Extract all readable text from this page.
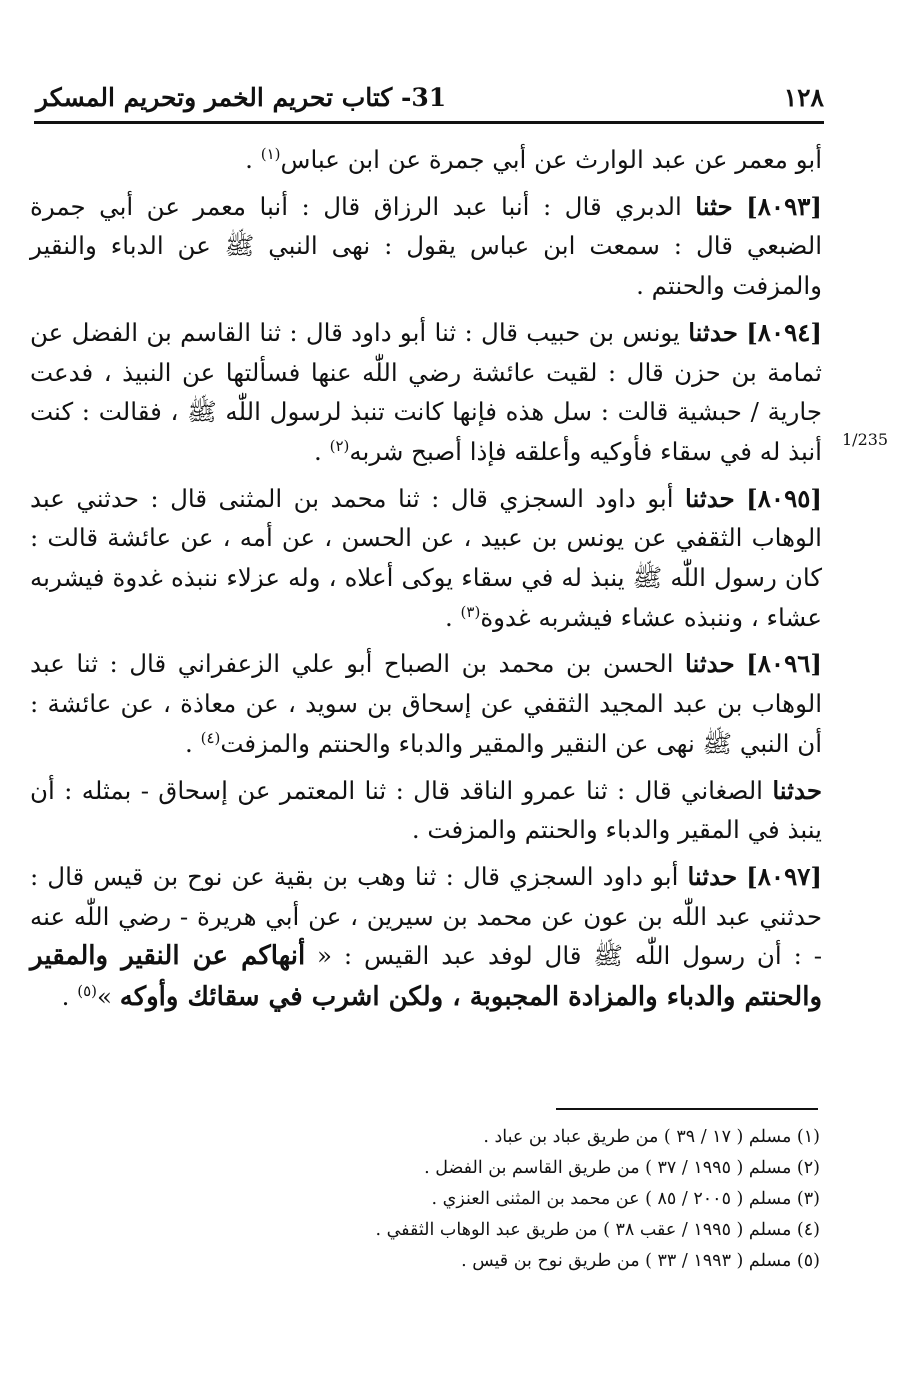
١٢٨
31- كتاب تحريم الخمر وتحريم المسكر
1/235

أبو معمر عن عبد الوارث عن أبي جمرة عن ابن عباس$^{(١)}$ .

[٨٠٩٣] حثنا الدبري قال : أنبا عبد الرزاق قال : أنبا معمر عن أبي جمرة الضبعي قال : سمعت ابن عباس يقول : نهى النبي ﷺ عن الدباء والنقير والمزفت والحنتم .

[٨٠٩٤] حدثنا يونس بن حبيب قال : ثنا أبو داود قال : ثنا القاسم بن الفضل عن ثمامة بن حزن قال : لقيت عائشة رضي اللّٰه عنها فسألتها عن النبيذ ، فدعت جارية / حبشية قالت : سل هذه فإنها كانت تنبذ لرسول اللّٰه ﷺ ، فقالت : كنت أنبذ له في سقاء فأوكيه وأعلقه فإذا أصبح شربه$^{(٢)}$ .

[٨٠٩٥] حدثنا أبو داود السجزي قال : ثنا محمد بن المثنى قال : حدثني عبد الوهاب الثقفي عن يونس بن عبيد ، عن الحسن ، عن أمه ، عن عائشة قالت : كان رسول اللّٰه ﷺ ينبذ له في سقاء يوكى أعلاه ، وله عزلاء ننبذه غدوة فيشربه عشاء ، وننبذه عشاء فيشربه غدوة$^{(٣)}$ .

[٨٠٩٦] حدثنا الحسن بن محمد بن الصباح أبو علي الزعفراني قال : ثنا عبد الوهاب بن عبد المجيد الثقفي عن إسحاق بن سويد ، عن معاذة ، عن عائشة : أن النبي ﷺ نهى عن النقير والمقير والدباء والحنتم والمزفت$^{(٤)}$ .

حدثنا الصغاني قال : ثنا عمرو الناقد قال : ثنا المعتمر عن إسحاق - بمثله : أن ينبذ في المقير والدباء والحنتم والمزفت .

[٨٠٩٧] حدثنا أبو داود السجزي قال : ثنا وهب بن بقية عن نوح بن قيس قال : حدثني عبد اللّٰه بن عون عن محمد بن سيرين ، عن أبي هريرة - رضي اللّٰه عنه - : أن رسول اللّٰه ﷺ قال لوفد عبد القيس : « أنهاكم عن النقير والمقير والحنتم والدباء والمزادة المجبوبة ، ولكن اشرب في سقائك وأوكه »$^{(٥)}$ .

(١) مسلم ( ١٧ / ٣٩ ) من طريق عباد بن عباد .
(٢) مسلم ( ١٩٩٥ / ٣٧ ) من طريق القاسم بن الفضل .
(٣) مسلم ( ٢٠٠٥ / ٨٥ ) عن محمد بن المثنى العنزي .
(٤) مسلم ( ١٩٩٥ / عقب ٣٨ ) من طريق عبد الوهاب الثقفي .
(٥) مسلم ( ١٩٩٣ / ٣٣ ) من طريق نوح بن قيس .
